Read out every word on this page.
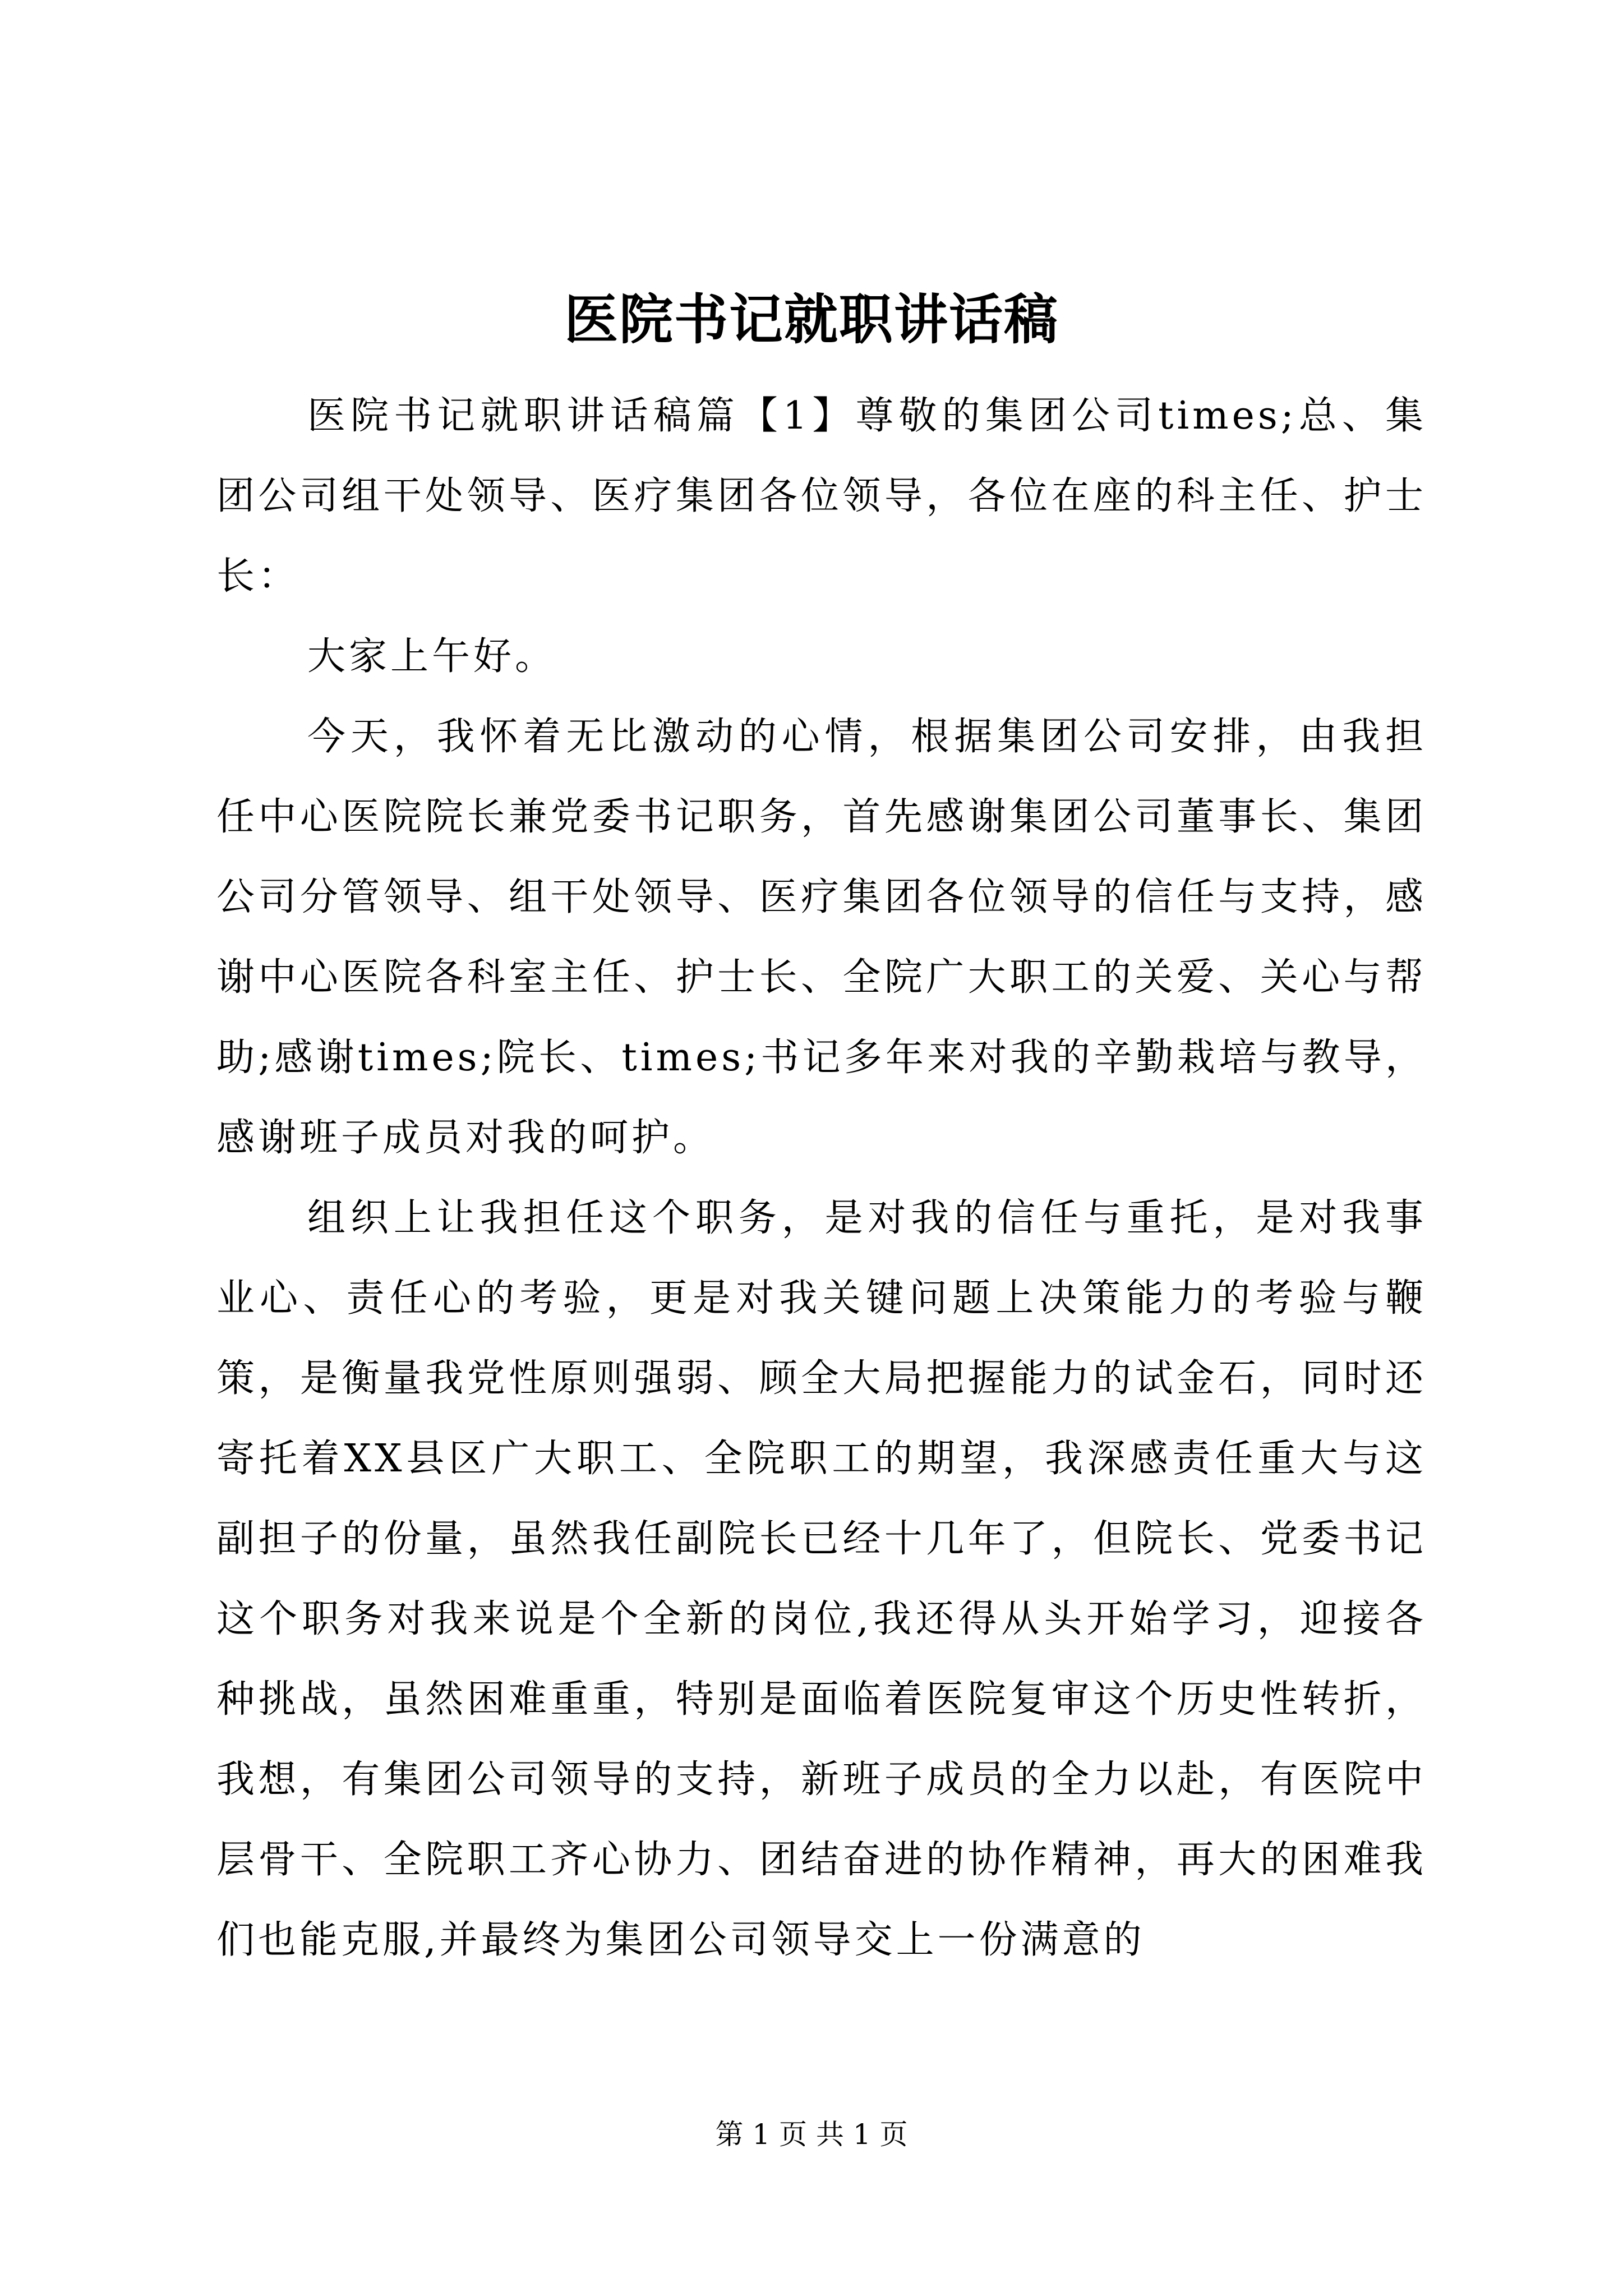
医院书记就职讲话稿

医院书记就职讲话稿篇【1】尊敬的集团公司times;总、集团公司组干处领导、医疗集团各位领导，各位在座的科主任、护士长：

大家上午好。

今天，我怀着无比激动的心情，根据集团公司安排，由我担任中心医院院长兼党委书记职务，首先感谢集团公司董事长、集团公司分管领导、组干处领导、医疗集团各位领导的信任与支持，感谢中心医院各科室主任、护士长、全院广大职工的关爱、关心与帮助;感谢times;院长、times;书记多年来对我的辛勤栽培与教导，感谢班子成员对我的呵护。

组织上让我担任这个职务，是对我的信任与重托，是对我事业心、责任心的考验，更是对我关键问题上决策能力的考验与鞭策，是衡量我党性原则强弱、顾全大局把握能力的试金石，同时还寄托着XX县区广大职工、全院职工的期望，我深感责任重大与这副担子的份量，虽然我任副院长已经十几年了，但院长、党委书记这个职务对我来说是个全新的岗位,我还得从头开始学习，迎接各种挑战，虽然困难重重，特别是面临着医院复审这个历史性转折，我想，有集团公司领导的支持，新班子成员的全力以赴，有医院中层骨干、全院职工齐心协力、团结奋进的协作精神，再大的困难我们也能克服,并最终为集团公司领导交上一份满意的

第 1 页 共 1 页
